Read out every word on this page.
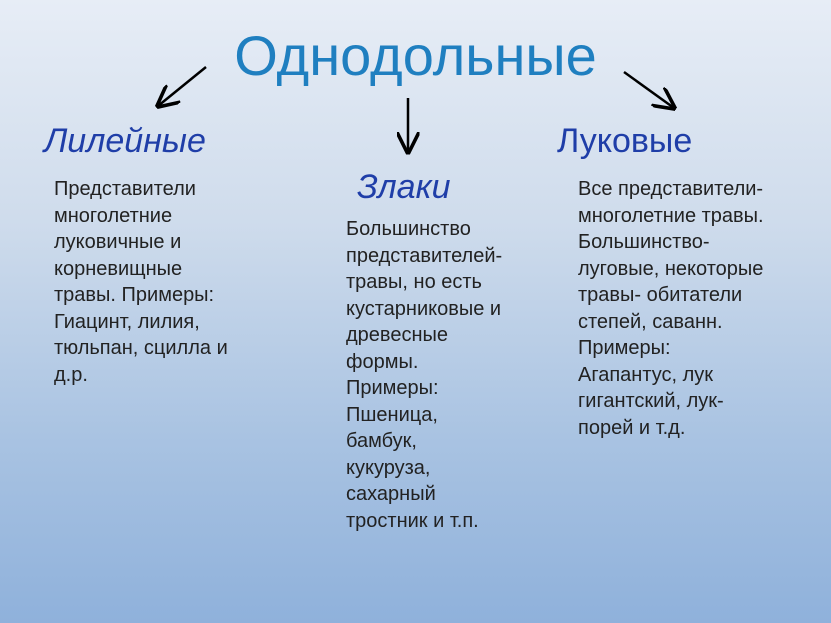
Однодольные
Лилейные
Злаки
Луковые
Представители
многолетние
луковичные и
корневищные
травы. Примеры:
Гиацинт, лилия,
тюльпан, сцилла и
д.р.
Большинство
представителей-
травы, но есть
кустарниковые и
древесные
формы.
Примеры:
Пшеница,
бамбук,
кукуруза,
сахарный
тростник и т.п.
Все представители-
многолетние травы.
Большинство-
луговые, некоторые
травы- обитатели
степей, саванн.
Примеры:
Агапантус, лук
гигантский, лук-
порей и т.д.
